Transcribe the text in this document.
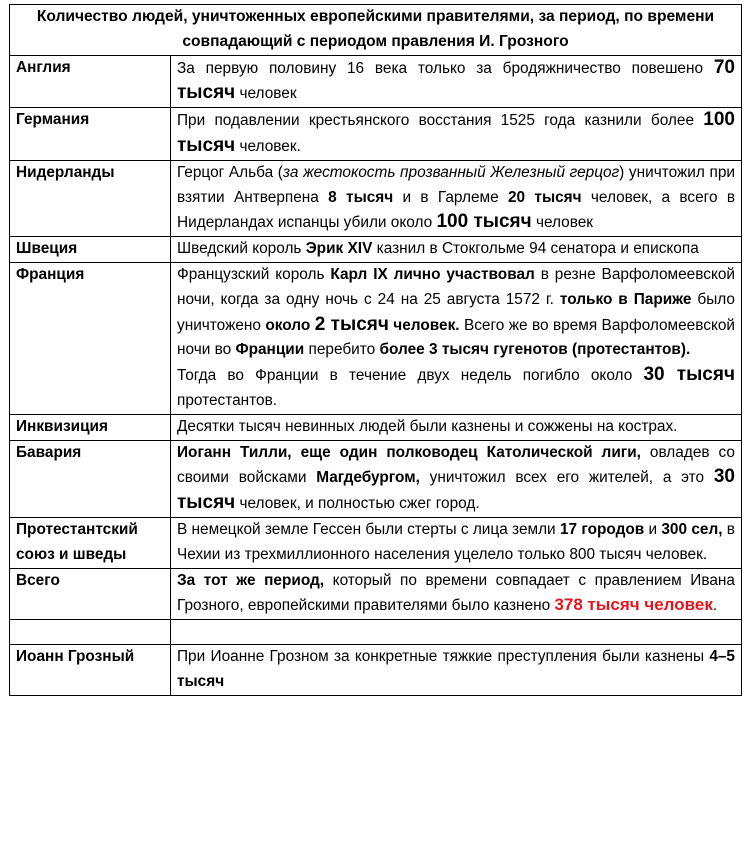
Количество людей, уничтоженных европейскими правителями, за период, по времени совпадающий с периодом правления И. Грозного	
Англия	За первую половину 16 века только за бродяжничество повешено 70 тысяч человек
Германия	При подавлении крестьянского восстания 1525 года казнили более 100 тысяч человек.
Нидерланды	Герцог Альба (за жестокость прозванный Железный герцог) уничтожил при взятии Антверпена 8 тысяч и в Гарлеме 20 тысяч человек, а всего в Нидерландах испанцы убили около 100 тысяч человек
Швеция	Шведский король Эрик XIV казнил в Стокгольме 94 сенатора и епископа
Франция	Французский король Карл IX лично участвовал в резне Варфоломеевской ночи, когда за одну ночь с 24 на 25 августа 1572 г. только в Париже было уничтожено около 2 тысяч человек. Всего же во время Варфоломеевской ночи во Франции перебито более 3 тысяч гугенотов (протестантов).

Тогда во Франции в течение двух недель погибло около 30 тысяч протестантов.

Инквизиция	Десятки тысяч невинных людей были казнены и сожжены на кострах.
Бавария	Иоганн Тилли, еще один полководец Католической лиги, овладев со своими войсками Магдебургом, уничтожил всех его жителей, а это 30 тысяч человек, и полностью сжег город.
Протестантский союз и шведы	В немецкой земле Гессен были стерты с лица земли 17 городов и 300 сел, в Чехии из трехмиллионного населения уцелело только 800 тысяч человек.
Всего	За тот же период, который по времени совпадает с правлением Ивана Грозного, европейскими правителями было казнено 378 тысяч человек.

Иоанн Грозный	При Иоанне Грозном за конкретные тяжкие преступления были казнены 4–5 тысяч
